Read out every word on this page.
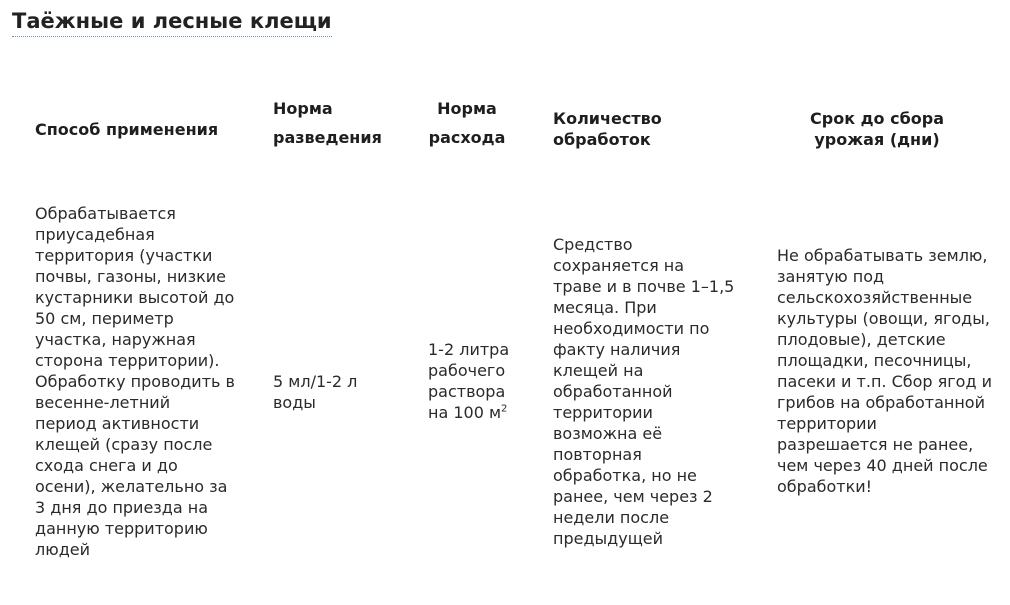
Таёжные и лесные клещи
Способ применения
Норма разведения
Норма расхода
Количество обработок
Срок до сбора урожая (дни)
Обрабатывается приусадебная территория (участки почвы, газоны, низкие кустарники высотой до 50 см, периметр участка, наружная сторона территории). Обработку проводить в весенне-летний период активности клещей (сразу после схода снега и до осени), желательно за 3 дня до приезда на данную территорию людей
5 мл/1-2 л воды
1-2 литра рабочего раствора на 100 $м^2$
Средство сохраняется на траве и в почве 1–1,5 месяца. При необходимости по факту наличия клещей на обработанной территории возможна её повторная обработка, но не ранее, чем через 2 недели после предыдущей
Не обрабатывать землю, занятую под сельскохозяйственные культуры (овощи, ягоды, плодовые), детские площадки, песочницы, пасеки и т.п. Сбор ягод и грибов на обработанной территории разрешается не ранее, чем через 40 дней после обработки!
